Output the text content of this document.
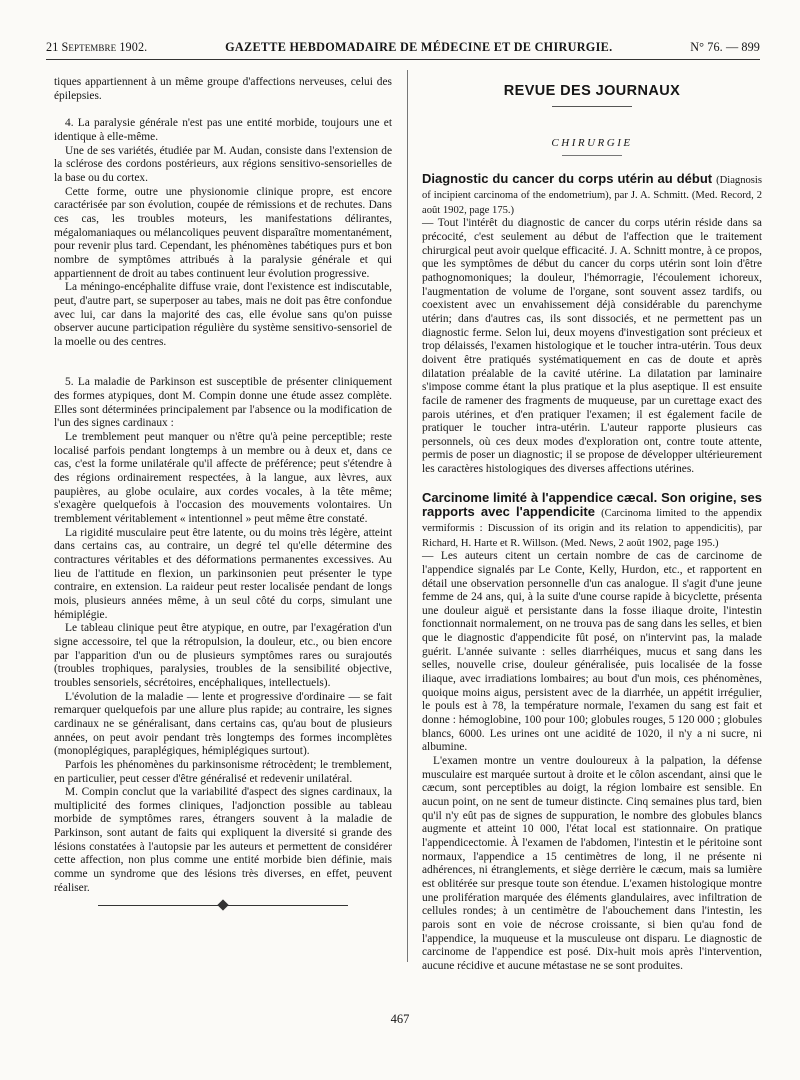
21 Septembre 1902.	GAZETTE HEBDOMADAIRE DE MÉDECINE ET DE CHIRURGIE.	N° 76. — 899

tiques appartiennent à un même groupe d'affections nerveuses, celui des épilepsies.

4. La paralysie générale n'est pas une entité morbide, toujours une et identique à elle-même.

Une de ses variétés, étudiée par M. Audan, consiste dans l'extension de la sclérose des cordons postérieurs, aux régions sensitivo-sensorielles de la base ou du cortex.

Cette forme, outre une physionomie clinique propre, est encore caractérisée par son évolution, coupée de rémissions et de rechutes. Dans ces cas, les troubles moteurs, les manifestations délirantes, mégalomaniaques ou mélancoliques peuvent disparaître momentanément, pour revenir plus tard. Cependant, les phénomènes tabétiques purs et bon nombre de symptômes attribués à la paralysie générale et qui appartiennent de droit au tabes continuent leur évolution progressive.

La méningo-encéphalite diffuse vraie, dont l'existence est indiscutable, peut, d'autre part, se superposer au tabes, mais ne doit pas être confondue avec lui, car dans la majorité des cas, elle évolue sans qu'on puisse observer aucune participation régulière du système sensitivo-sensoriel de la moelle ou des centres.

5. La maladie de Parkinson est susceptible de présenter cliniquement des formes atypiques, dont M. Compin donne une étude assez complète. Elles sont déterminées principalement par l'absence ou la modification de l'un des signes cardinaux :

Le tremblement peut manquer ou n'être qu'à peine perceptible; reste localisé parfois pendant longtemps à un membre ou à deux et, dans ce cas, c'est la forme unilatérale qu'il affecte de préférence; peut s'étendre à des régions ordinairement respectées, à la langue, aux lèvres, aux paupières, au globe oculaire, aux cordes vocales, à la tête même; s'exagère quelquefois à l'occasion des mouvements volontaires. Un tremblement véritablement « intentionnel » peut même être constaté.

La rigidité musculaire peut être latente, ou du moins très légère, atteint dans certains cas, au contraire, un degré tel qu'elle détermine des contractures véritables et des déformations permanentes excessives. Au lieu de l'attitude en flexion, un parkinsonien peut présenter le type contraire, en extension. La raideur peut rester localisée pendant de longs mois, plusieurs années même, à un seul côté du corps, simulant une hémiplégie.

Le tableau clinique peut être atypique, en outre, par l'exagération d'un signe accessoire, tel que la rétropulsion, la douleur, etc., ou bien encore par l'apparition d'un ou de plusieurs symptômes rares ou surajoutés (troubles trophiques, paralysies, troubles de la sensibilité objective, troubles sensoriels, sécrétoires, encéphaliques, intellectuels).

L'évolution de la maladie — lente et progressive d'ordinaire — se fait remarquer quelquefois par une allure plus rapide; au contraire, les signes cardinaux ne se généralisant, dans certains cas, qu'au bout de plusieurs années, on peut avoir pendant très longtemps des formes incomplètes (monoplégiques, paraplégiques, hémiplégiques surtout).

Parfois les phénomènes du parkinsonisme rétrocèdent; le tremblement, en particulier, peut cesser d'être généralisé et redevenir unilatéral.

M. Compin conclut que la variabilité d'aspect des signes cardinaux, la multiplicité des formes cliniques, l'adjonction possible au tableau morbide de symptômes rares, étrangers souvent à la maladie de Parkinson, sont autant de faits qui expliquent la diversité si grande des lésions constatées à l'autopsie par les auteurs et permettent de considérer cette affection, non plus comme une entité morbide bien définie, mais comme un syndrome que des lésions très diverses, en effet, peuvent réaliser.

REVUE DES JOURNAUX
CHIRURGIE

Diagnostic du cancer du corps utérin au début (Diagnosis of incipient carcinoma of the endometrium), par J. A. Schmitt. (Med. Record, 2 août 1902, page 175.)

— Tout l'intérêt du diagnostic de cancer du corps utérin réside dans sa précocité, c'est seulement au début de l'affection que le traitement chirurgical peut avoir quelque efficacité. J. A. Schnitt montre, à ce propos, que les symptômes de début du cancer du corps utérin sont loin d'être pathognomoniques; la douleur, l'hémorragie, l'écoulement ichoreux, l'augmentation de volume de l'organe, sont souvent assez tardifs, ou coexistent avec un envahissement déjà considérable du parenchyme utérin; dans d'autres cas, ils sont dissociés, et ne permettent pas un diagnostic ferme. Selon lui, deux moyens d'investigation sont précieux et trop délaissés, l'examen histologique et le toucher intra-utérin. Tous deux doivent être pratiqués systématiquement en cas de doute et après dilatation préalable de la cavité utérine. La dilatation par laminaire s'impose comme étant la plus pratique et la plus aseptique. Il est ensuite facile de ramener des fragments de muqueuse, par un curettage exact des parois utérines, et d'en pratiquer l'examen; il est également facile de pratiquer le toucher intra-utérin. L'auteur rapporte plusieurs cas personnels, où ces deux modes d'exploration ont, contre toute attente, permis de poser un diagnostic; il se propose de développer ultérieurement les caractères histologiques des diverses affections utérines.

Carcinome limité à l'appendice cæcal. Son origine, ses rapports avec l'appendicite (Carcinoma limited to the appendix vermiformis : Discussion of its origin and its relation to appendicitis), par Richard, H. Harte et R. Willson. (Med. News, 2 août 1902, page 195.)

— Les auteurs citent un certain nombre de cas de carcinome de l'appendice signalés par Le Conte, Kelly, Hurdon, etc., et rapportent en détail une observation personnelle d'un cas analogue. Il s'agit d'une jeune femme de 24 ans, qui, à la suite d'une course rapide à bicyclette, présenta une douleur aiguë et persistante dans la fosse iliaque droite, l'intestin fonctionnait normalement, on ne trouva pas de sang dans les selles, et bien que le diagnostic d'appendicite fût posé, on n'intervint pas, la malade guérit. L'année suivante : selles diarrhéiques, mucus et sang dans les selles, nouvelle crise, douleur généralisée, puis localisée de la fosse iliaque, avec irradiations lombaires; au bout d'un mois, ces phénomènes, quoique moins aigus, persistent avec de la diarrhée, un appétit irrégulier, le pouls est à 78, la température normale, l'examen du sang est fait et donne : hémoglobine, 100 pour 100; globules rouges, 5 120 000 ; globules blancs, 6000. Les urines ont une acidité de 1020, il n'y a ni sucre, ni albumine.

L'examen montre un ventre douloureux à la palpation, la défense musculaire est marquée surtout à droite et le côlon ascendant, ainsi que le cæcum, sont perceptibles au doigt, la région lombaire est sensible. En aucun point, on ne sent de tumeur distincte. Cinq semaines plus tard, bien qu'il n'y eût pas de signes de suppuration, le nombre des globules blancs augmente et atteint 10 000, l'état local est stationnaire. On pratique l'appendicectomie. À l'examen de l'abdomen, l'intestin et le péritoine sont normaux, l'appendice a 15 centimètres de long, il ne présente ni adhérences, ni étranglements, et siège derrière le cæcum, mais sa lumière est oblitérée sur presque toute son étendue. L'examen histologique montre une prolifération marquée des éléments glandulaires, avec infiltration de cellules rondes; à un centimètre de l'abouchement dans l'intestin, les parois sont en voie de nécrose croissante, si bien qu'au fond de l'appendice, la muqueuse et la musculeuse ont disparu. Le diagnostic de carcinome de l'appendice est posé. Dix-huit mois après l'intervention, aucune récidive et aucune métastase ne se sont produites.

467
